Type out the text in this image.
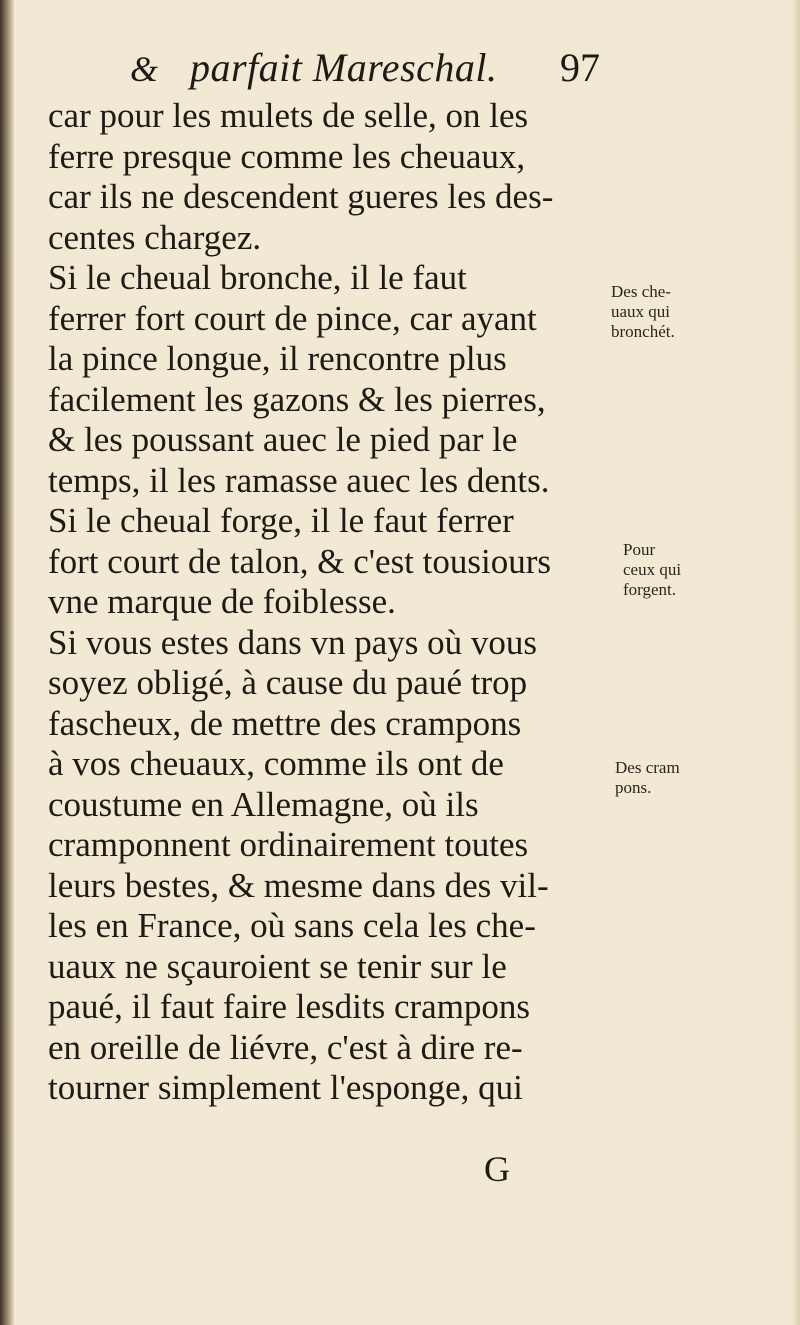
& parfait Mareschal. 97
car pour les mulets de selle, on les
ferre presque comme les cheuaux,
car ils ne descendent gueres les des-
centes chargez.
Si le cheual bronche, il le faut
ferrer fort court de pince, car ayant
la pince longue, il rencontre plus
facilement les gazons & les pierres,
& les poussant auec le pied par le
temps, il les ramasse auec les dents.
Si le cheual forge, il le faut ferrer
fort court de talon, & c'est tousiours
vne marque de foiblesse.
Si vous estes dans vn pays où vous
soyez obligé, à cause du paué trop
fascheux, de mettre des crampons
à vos cheuaux, comme ils ont de
coustume en Allemagne, où ils
cramponnent ordinairement toutes
leurs bestes, & mesme dans des vil-
les en France, où sans cela les che-
uaux ne sçauroient se tenir sur le
paué, il faut faire lesdits crampons
en oreille de liévre, c'est à dire re-
tourner simplement l'esponge, qui
Des che-
uaux qui
bronchét.
Pour
ceux qui
forgent.
Des cram
pons.
G
